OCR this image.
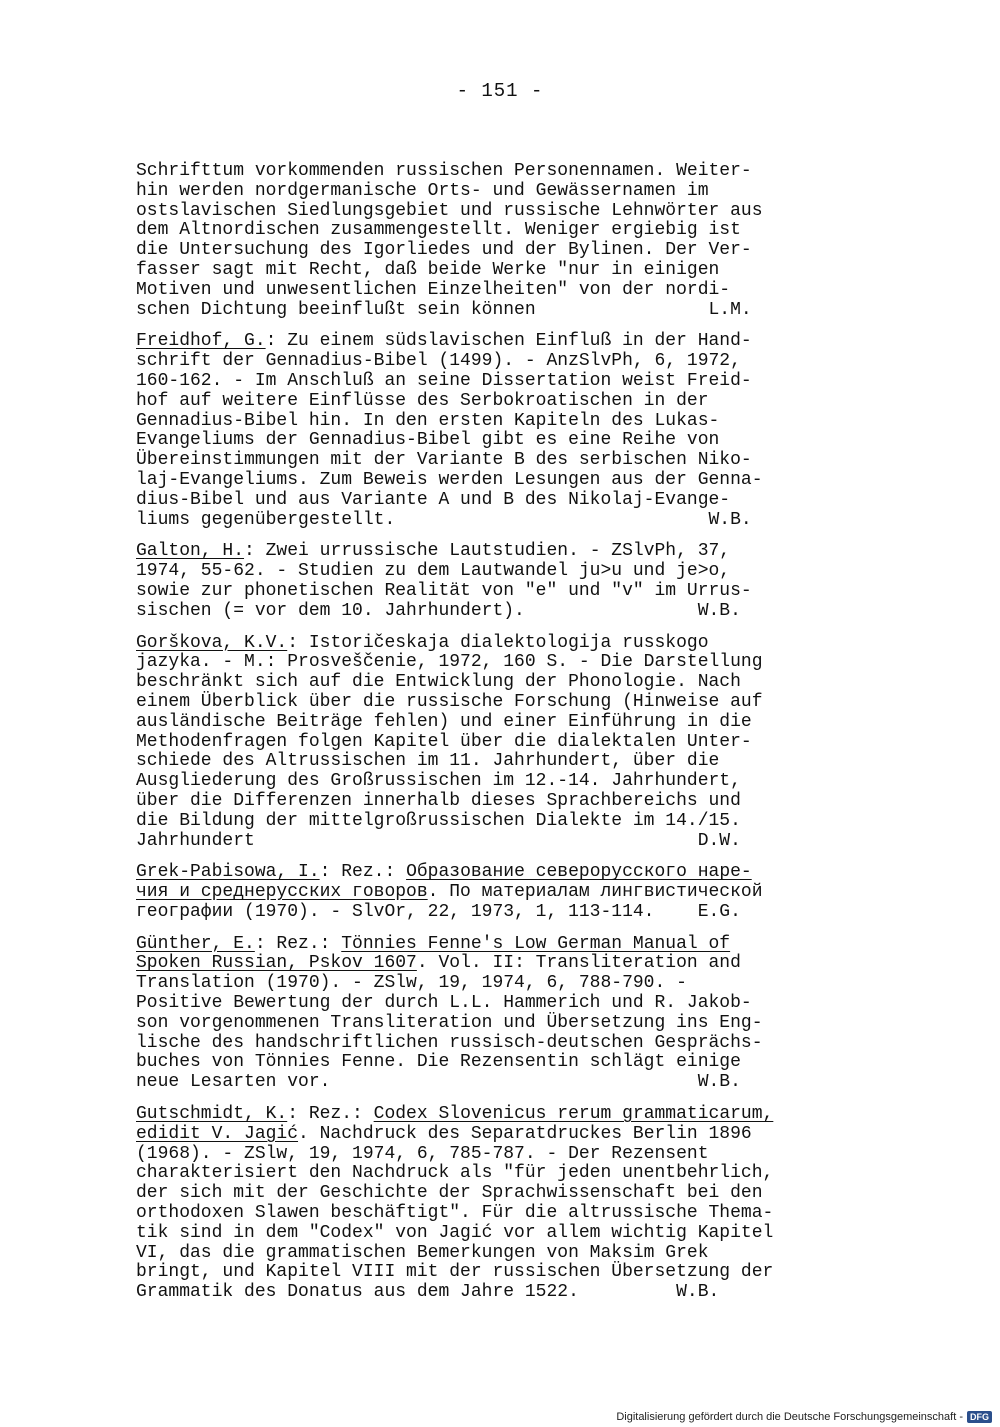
- 151 -
Schrifttum vorkommenden russischen Personennamen. Weiter-
hin werden nordgermanische Orts- und Gewässernamen im
ostslavischen Siedlungsgebiet und russische Lehnwörter aus
dem Altnordischen zusammengestellt. Weniger ergiebig ist
die Untersuchung des Igorliedes und der Bylinen. Der Ver-
fasser sagt mit Recht, daß beide Werke "nur in einigen
Motiven und unwesentlichen Einzelheiten" von der nordi-
schen Dichtung beeinflußt sein können                L.M.
Freidhof, G.: Zu einem südslavischen Einfluß in der Hand-
schrift der Gennadius-Bibel (1499). - AnzSlvPh, 6, 1972,
160-162. - Im Anschluß an seine Dissertation weist Freid-
hof auf weitere Einflüsse des Serbokroatischen in der
Gennadius-Bibel hin. In den ersten Kapiteln des Lukas-
Evangeliums der Gennadius-Bibel gibt es eine Reihe von
Übereinstimmungen mit der Variante B des serbischen Niko-
laj-Evangeliums. Zum Beweis werden Lesungen aus der Genna-
dius-Bibel und aus Variante A und B des Nikolaj-Evange-
liums gegenübergestellt.                             W.B.
Galton, H.: Zwei urrussische Lautstudien. - ZSlvPh, 37,
1974, 55-62. - Studien zu dem Lautwandel ju>u und je>o,
sowie zur phonetischen Realität von "e" und "v" im Urrus-
sischen (= vor dem 10. Jahrhundert).                W.B.
Gorškova, K.V.: Istoričeskaja dialektologija russkogo
jazyka. - M.: Prosveščenie, 1972, 160 S. - Die Darstellung
beschränkt sich auf die Entwicklung der Phonologie. Nach
einem Überblick über die russische Forschung (Hinweise auf
ausländische Beiträge fehlen) und einer Einführung in die
Methodenfragen folgen Kapitel über die dialektalen Unter-
schiede des Altrussischen im 11. Jahrhundert, über die
Ausgliederung des Großrussischen im 12.-14. Jahrhundert,
über die Differenzen innerhalb dieses Sprachbereichs und
die Bildung der mittelgroßrussischen Dialekte im 14./15.
Jahrhundert                                         D.W.
Grek-Pabisowa, I.: Rez.: Образование северорусского наре-
чия и среднерусских говоров. По материалам лингвистической
географии (1970). - SlvOr, 22, 1973, 1, 113-114.    E.G.
Günther, E.: Rez.: Tönnies Fenne's Low German Manual of
Spoken Russian, Pskov 1607. Vol. II: Transliteration and
Translation (1970). - ZSlw, 19, 1974, 6, 788-790. -
Positive Bewertung der durch L.L. Hammerich und R. Jakob-
son vorgenommenen Transliteration und Übersetzung ins Eng-
lische des handschriftlichen russisch-deutschen Gesprächs-
buches von Tönnies Fenne. Die Rezensentin schlägt einige
neue Lesarten vor.                                  W.B.
Gutschmidt, K.: Rez.: Codex Slovenicus rerum grammaticarum,
edidit V. Jagić. Nachdruck des Separatdruckes Berlin 1896
(1968). - ZSlw, 19, 1974, 6, 785-787. - Der Rezensent
charakterisiert den Nachdruck als "für jeden unentbehrlich,
der sich mit der Geschichte der Sprachwissenschaft bei den
orthodoxen Slawen beschäftigt". Für die altrussische Thema-
tik sind in dem "Codex" von Jagić vor allem wichtig Kapitel
VI, das die grammatischen Bemerkungen von Maksim Grek
bringt, und Kapitel VIII mit der russischen Übersetzung der
Grammatik des Donatus aus dem Jahre 1522.         W.B.
Digitalisierung gefördert durch die Deutsche Forschungsgemeinschaft - DFG
